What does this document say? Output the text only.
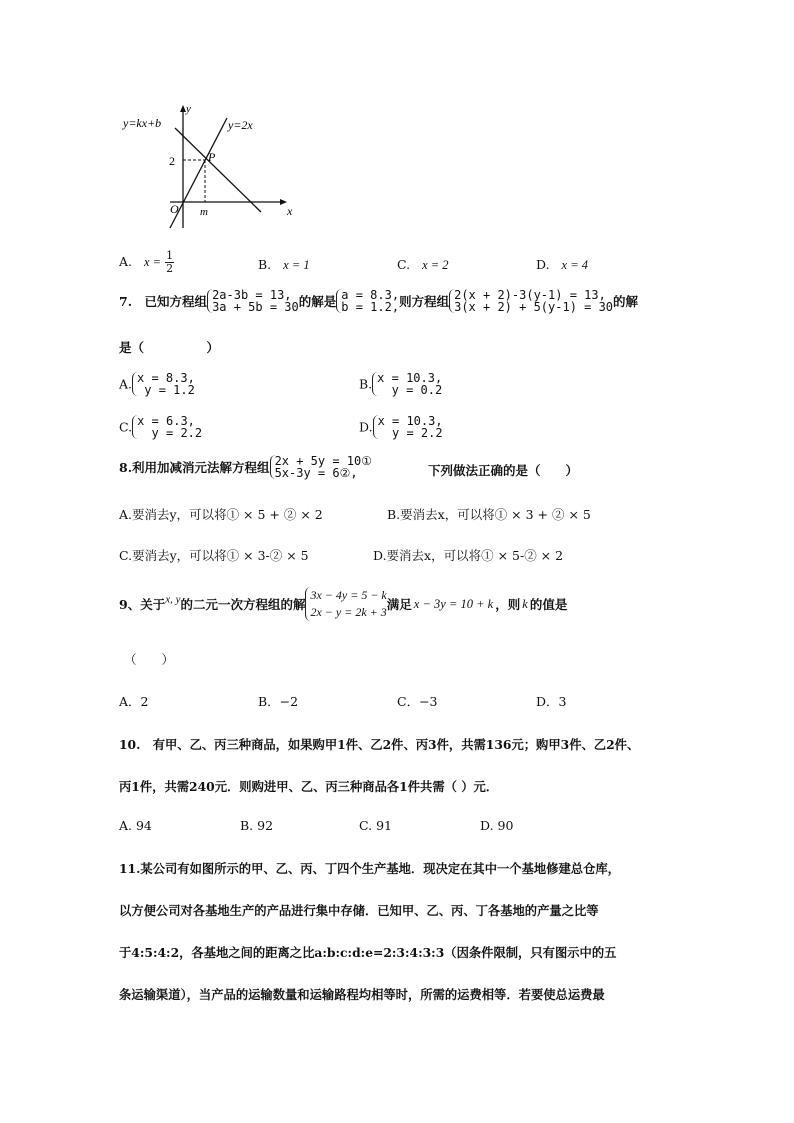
y=kx+b	y=2x
y
x
O
P
2
m
A. $x = \frac{1}{2}$	B. x = 1	C. x = 2	D. x = 4
7.　已知方程组 2a-3b = 13,
3a + 5b = 30的解是 a = 8.3,
b = 1.2,则方程组 2(x + 2)-3(y-1) = 13,
3(x + 2) + 5(y-1) = 30的解
是（　　　　　）
A. x = 8.3,
y = 1.2	B. x = 10.3,
y = 0.2
C. x = 6.3,
y = 2.2	D. x = 10.3,
y = 2.2
8.利用加减消元法解方程组 2x + 5y = 10①
5x-3y = 6②,	下列做法正确的是（　　）
A.要消去y，可以将① × 5 + ② × 2	B.要消去x，可以将① × 3 + ② × 5
C.要消去y，可以将① × 3-② × 5	D.要消去x，可以将① × 5-② × 2
9、关于x, y的二元一次方程组的解3x − 4y = 5 − k
2x − y = 2k + 3满足 x − 3y = 10 + k ，则 k 的值是
（　　）
A．2	B．−2	C．−3	D．3
10.　有甲、乙、丙三种商品，如果购甲1件、乙2件、丙3件，共需136元；购甲3件、乙2件、
丙1件，共需240元．则购进甲、乙、丙三种商品各1件共需（ ）元．
A. 94	B. 92	C. 91	D. 90
11.某公司有如图所示的甲、乙、丙、丁四个生产基地．现决定在其中一个基地修建总仓库，
以方便公司对各基地生产的产品进行集中存储．已知甲、乙、丙、丁各基地的产量之比等
于4:5:4:2，各基地之间的距离之比a:b:c:d:e=2:3:4:3:3（因条件限制，只有图示中的五
条运输渠道），当产品的运输数量和运输路程均相等时，所需的运费相等．若要使总运费最
